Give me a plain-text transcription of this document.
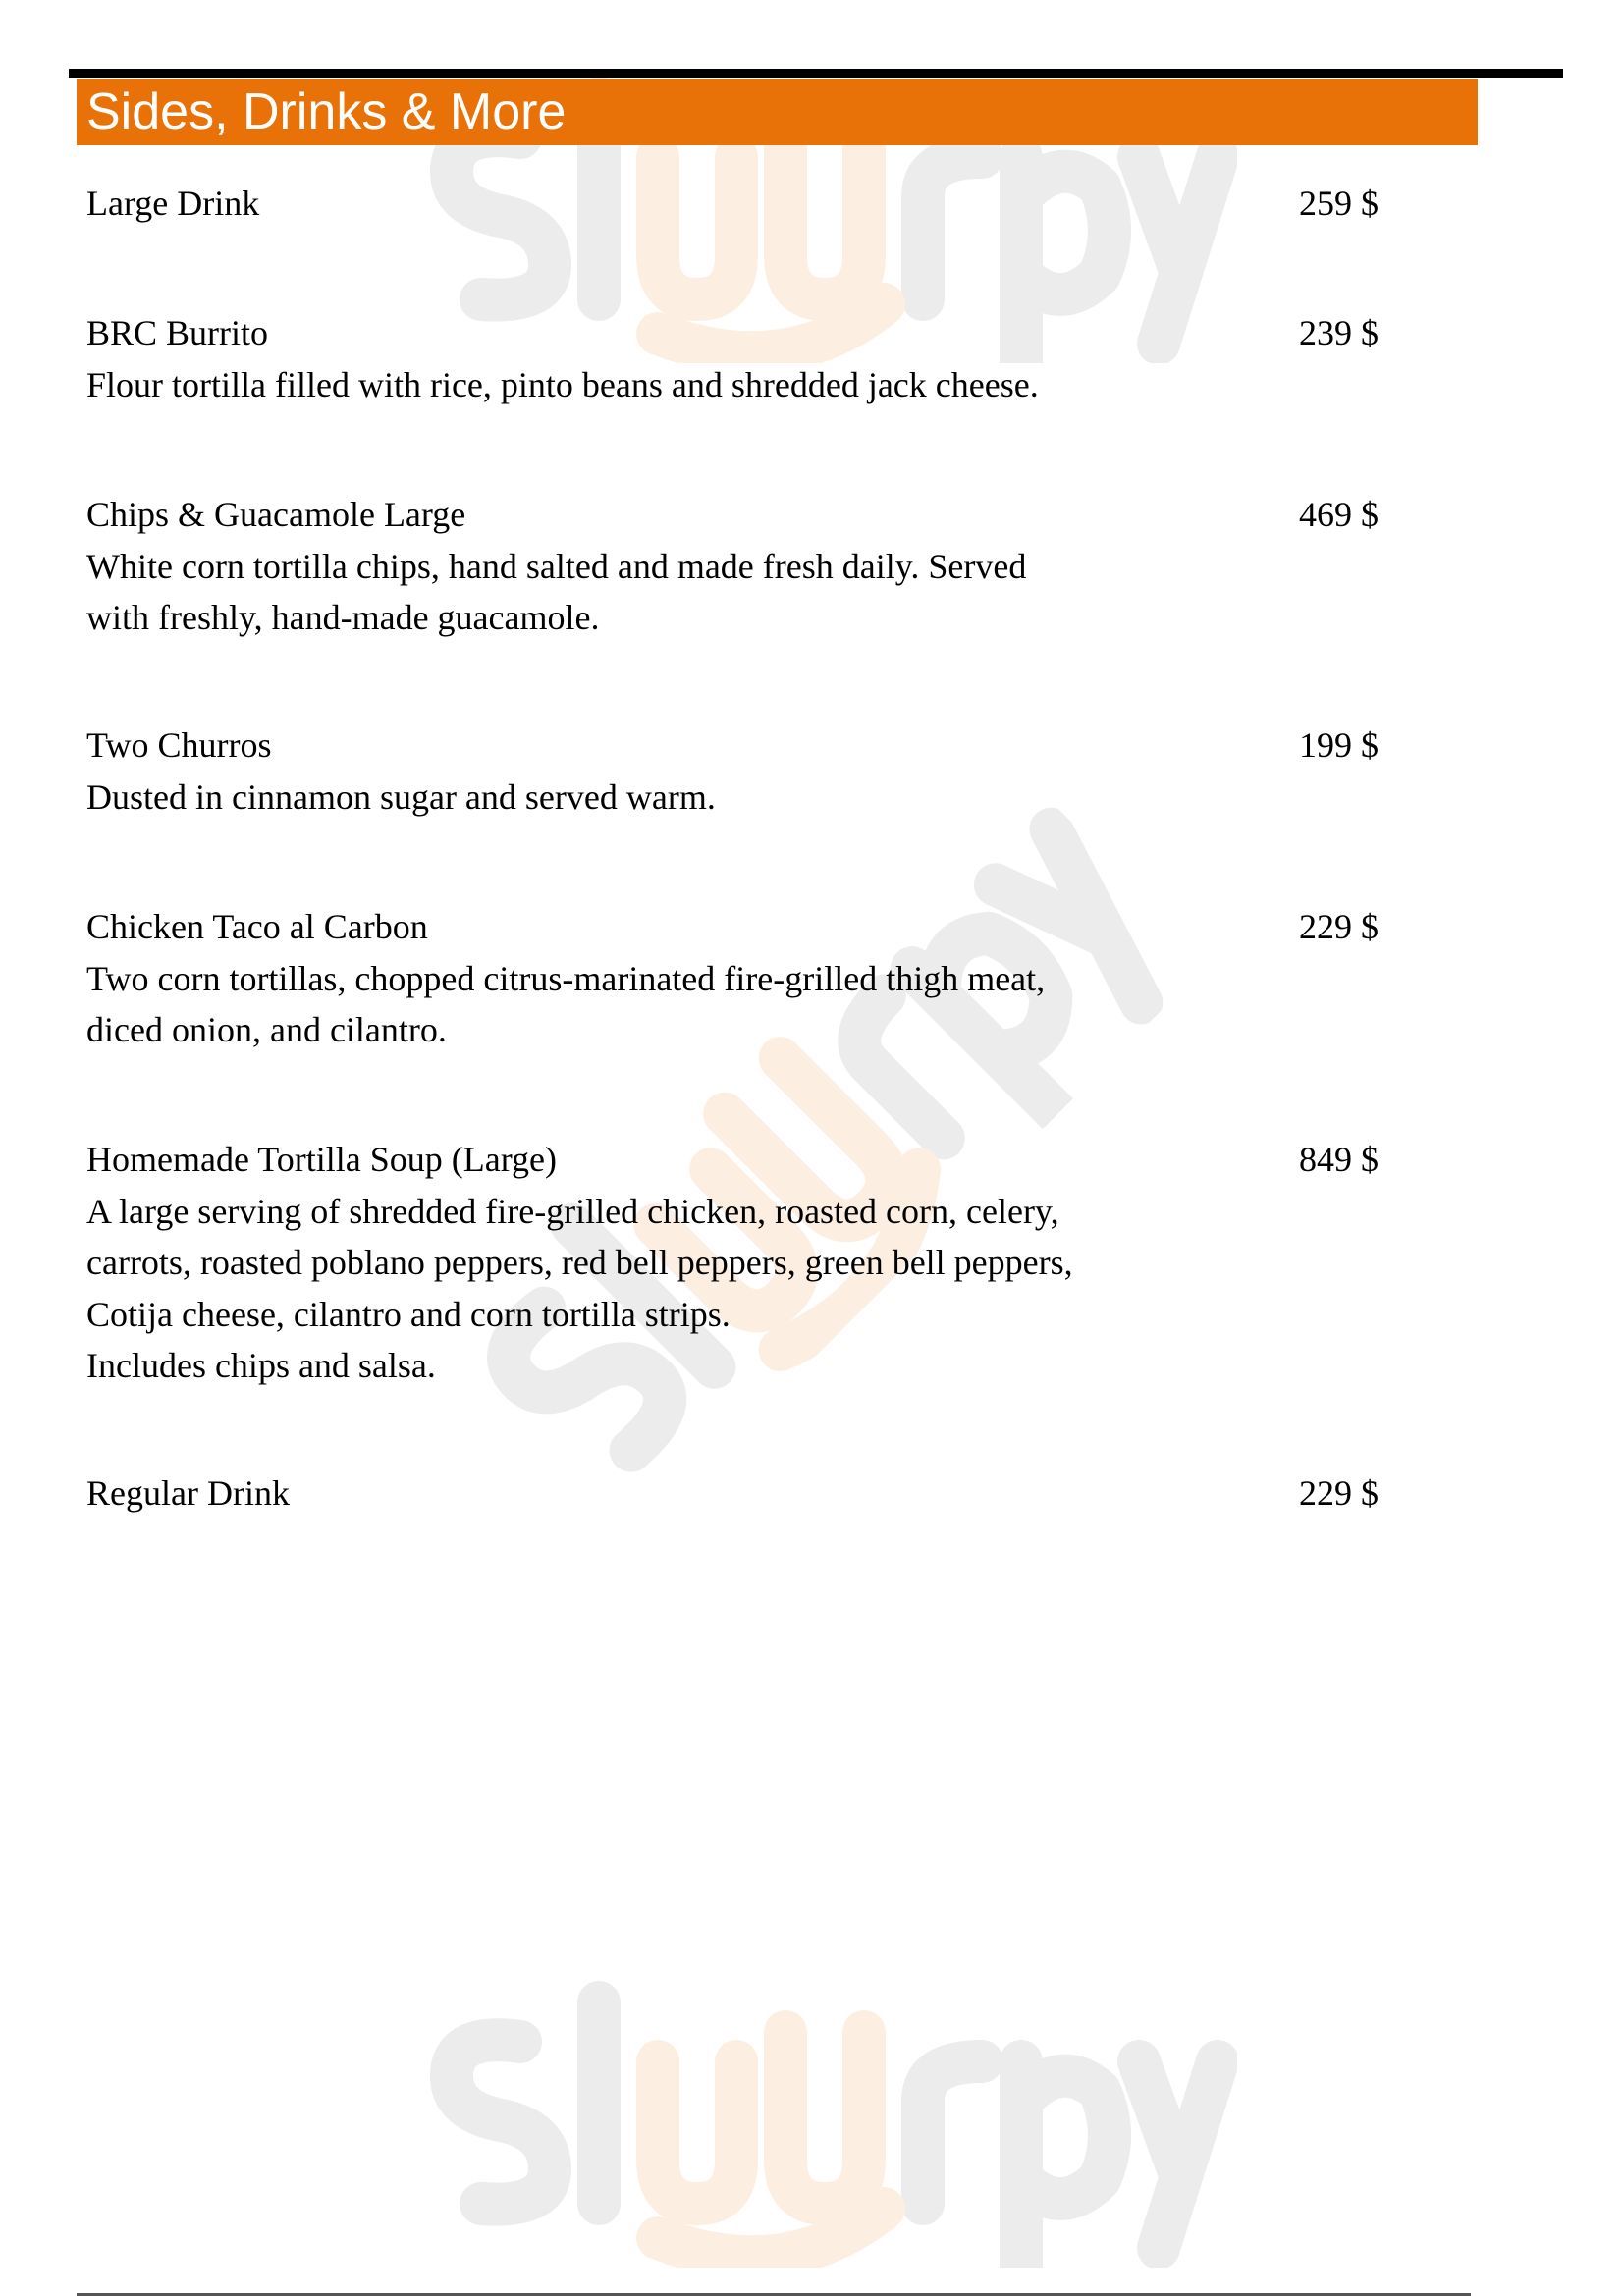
Sides, Drinks & More
Large Drink	259 $
BRC Burrito
Flour tortilla filled with rice, pinto beans and shredded jack cheese.
239 $
Chips & Guacamole Large
White corn tortilla chips, hand salted and made fresh daily. Served
with freshly, hand-made guacamole.
469 $
Two Churros
Dusted in cinnamon sugar and served warm.
199 $
Chicken Taco al Carbon
Two corn tortillas, chopped citrus-marinated fire-grilled thigh meat,
diced onion, and cilantro.
229 $
Homemade Tortilla Soup (Large)
A large serving of shredded fire-grilled chicken, roasted corn, celery,
carrots, roasted poblano peppers, red bell peppers, green bell peppers,
Cotija cheese, cilantro and corn tortilla strips.
Includes chips and salsa.
849 $
Regular Drink	229 $
